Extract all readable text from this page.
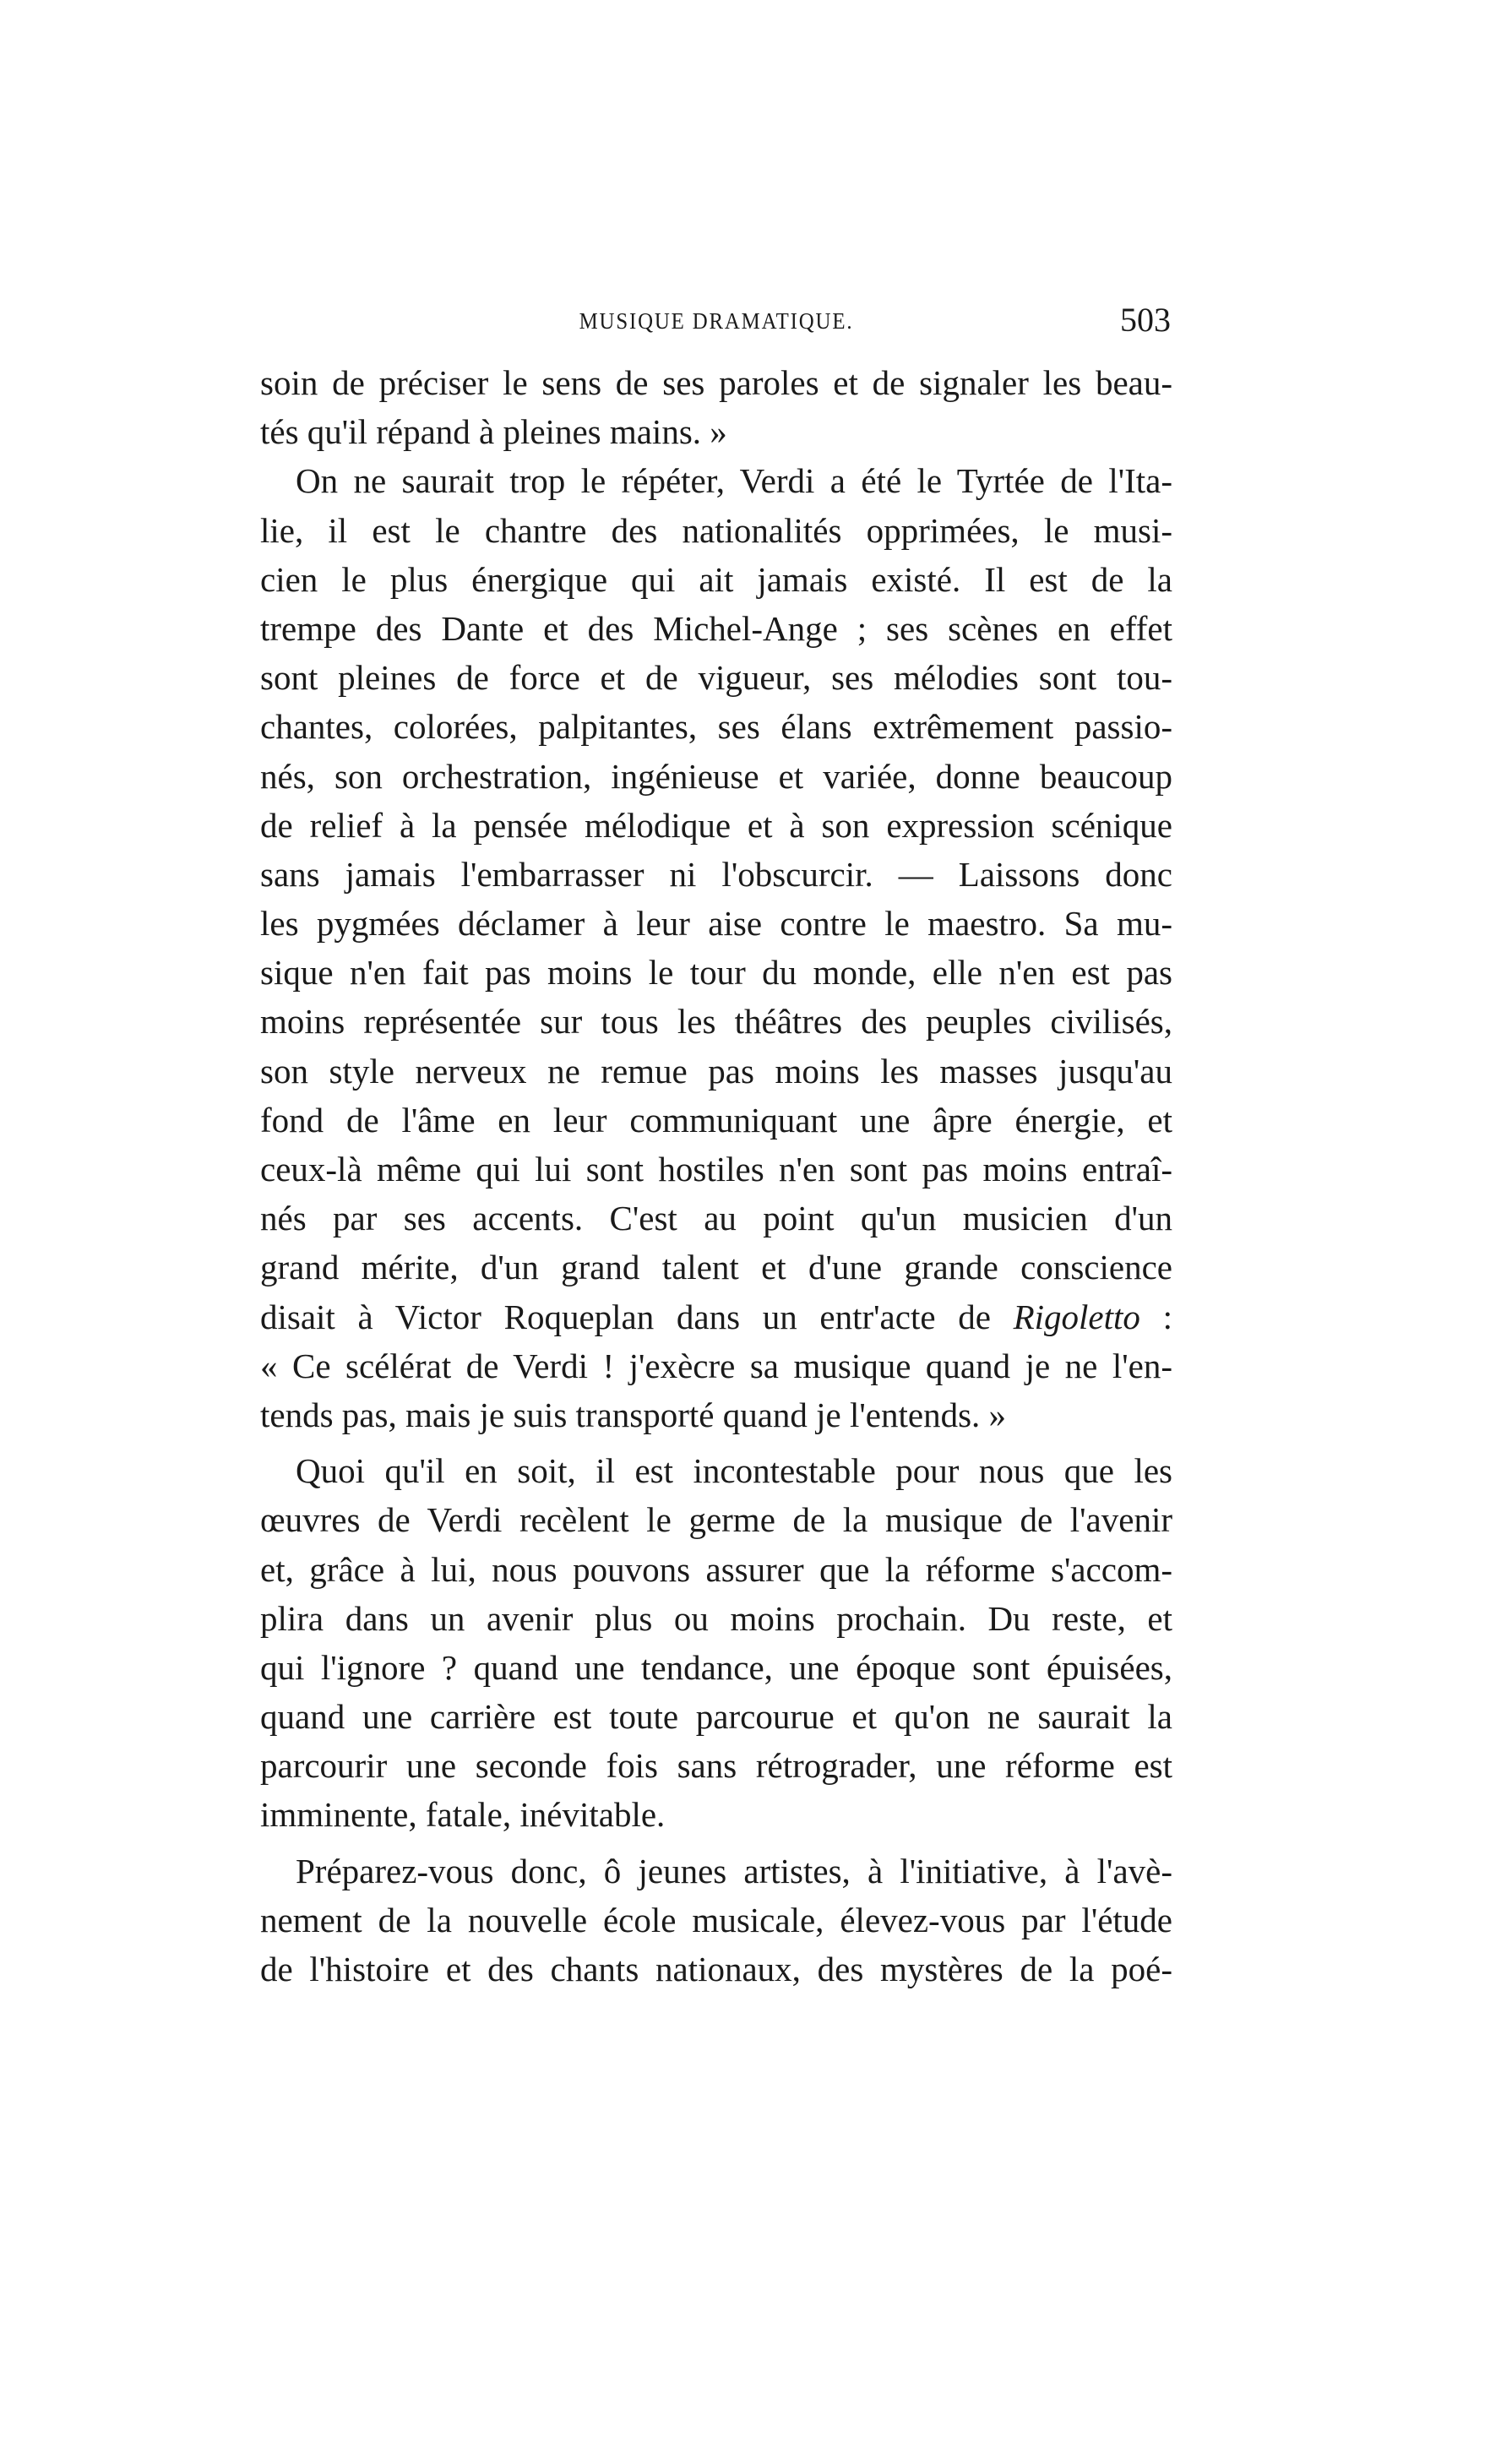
MUSIQUE DRAMATIQUE.	503
soin de préciser le sens de ses paroles et de signaler les beau-
tés qu'il répand à pleines mains. »
On ne saurait trop le répéter, Verdi a été le Tyrtée de l'Ita-
lie, il est le chantre des nationalités opprimées, le musi-
cien le plus énergique qui ait jamais existé. Il est de la
trempe des Dante et des Michel-Ange ; ses scènes en effet
sont pleines de force et de vigueur, ses mélodies sont tou-
chantes, colorées, palpitantes, ses élans extrêmement passio-
nés, son orchestration, ingénieuse et variée, donne beaucoup
de relief à la pensée mélodique et à son expression scénique
sans jamais l'embarrasser ni l'obscurcir. — Laissons donc
les pygmées déclamer à leur aise contre le maestro. Sa mu-
sique n'en fait pas moins le tour du monde, elle n'en est pas
moins représentée sur tous les théâtres des peuples civilisés,
son style nerveux ne remue pas moins les masses jusqu'au
fond de l'âme en leur communiquant une âpre énergie, et
ceux-là même qui lui sont hostiles n'en sont pas moins entraî-
nés par ses accents. C'est au point qu'un musicien d'un
grand mérite, d'un grand talent et d'une grande conscience
disait à Victor Roqueplan dans un entr'acte de Rigoletto :
« Ce scélérat de Verdi ! j'exècre sa musique quand je ne l'en-
tends pas, mais je suis transporté quand je l'entends. »
Quoi qu'il en soit, il est incontestable pour nous que les
œuvres de Verdi recèlent le germe de la musique de l'avenir
et, grâce à lui, nous pouvons assurer que la réforme s'accom-
plira dans un avenir plus ou moins prochain. Du reste, et
qui l'ignore ? quand une tendance, une époque sont épuisées,
quand une carrière est toute parcourue et qu'on ne saurait la
parcourir une seconde fois sans rétrograder, une réforme est
imminente, fatale, inévitable.
Préparez-vous donc, ô jeunes artistes, à l'initiative, à l'avè-
nement de la nouvelle école musicale, élevez-vous par l'étude
de l'histoire et des chants nationaux, des mystères de la poé-
